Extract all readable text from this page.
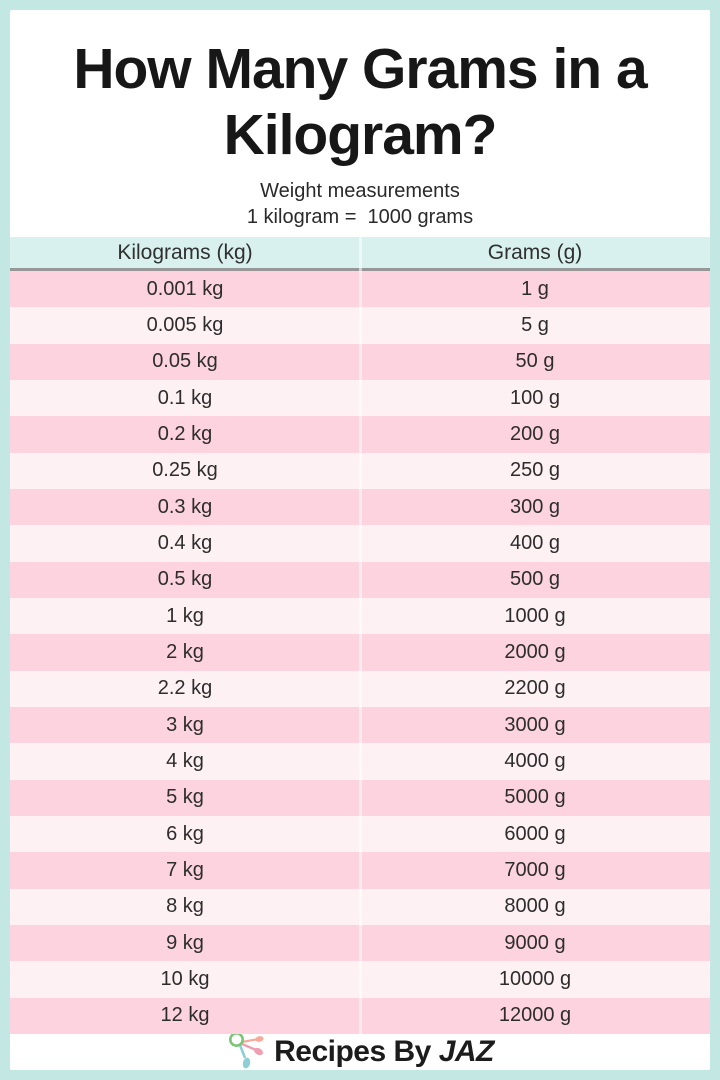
How Many Grams in a
Kilogram?
Weight measurements
1 kilogram =  1000 grams
Kilograms (kg)	Grams (g)
0.001 kg	1 g
0.005 kg	5 g
0.05 kg	50 g
0.1 kg	100 g
0.2 kg	200 g
0.25 kg	250 g
0.3 kg	300 g
0.4 kg	400 g
0.5 kg	500 g
1 kg	1000 g
2 kg	2000 g
2.2 kg	2200 g
3 kg	3000 g
4 kg	4000 g
5 kg	5000 g
6 kg	6000 g
7 kg	7000 g
8 kg	8000 g
9 kg	9000 g
10 kg	10000 g
12 kg	12000 g
Recipes By JAZ
